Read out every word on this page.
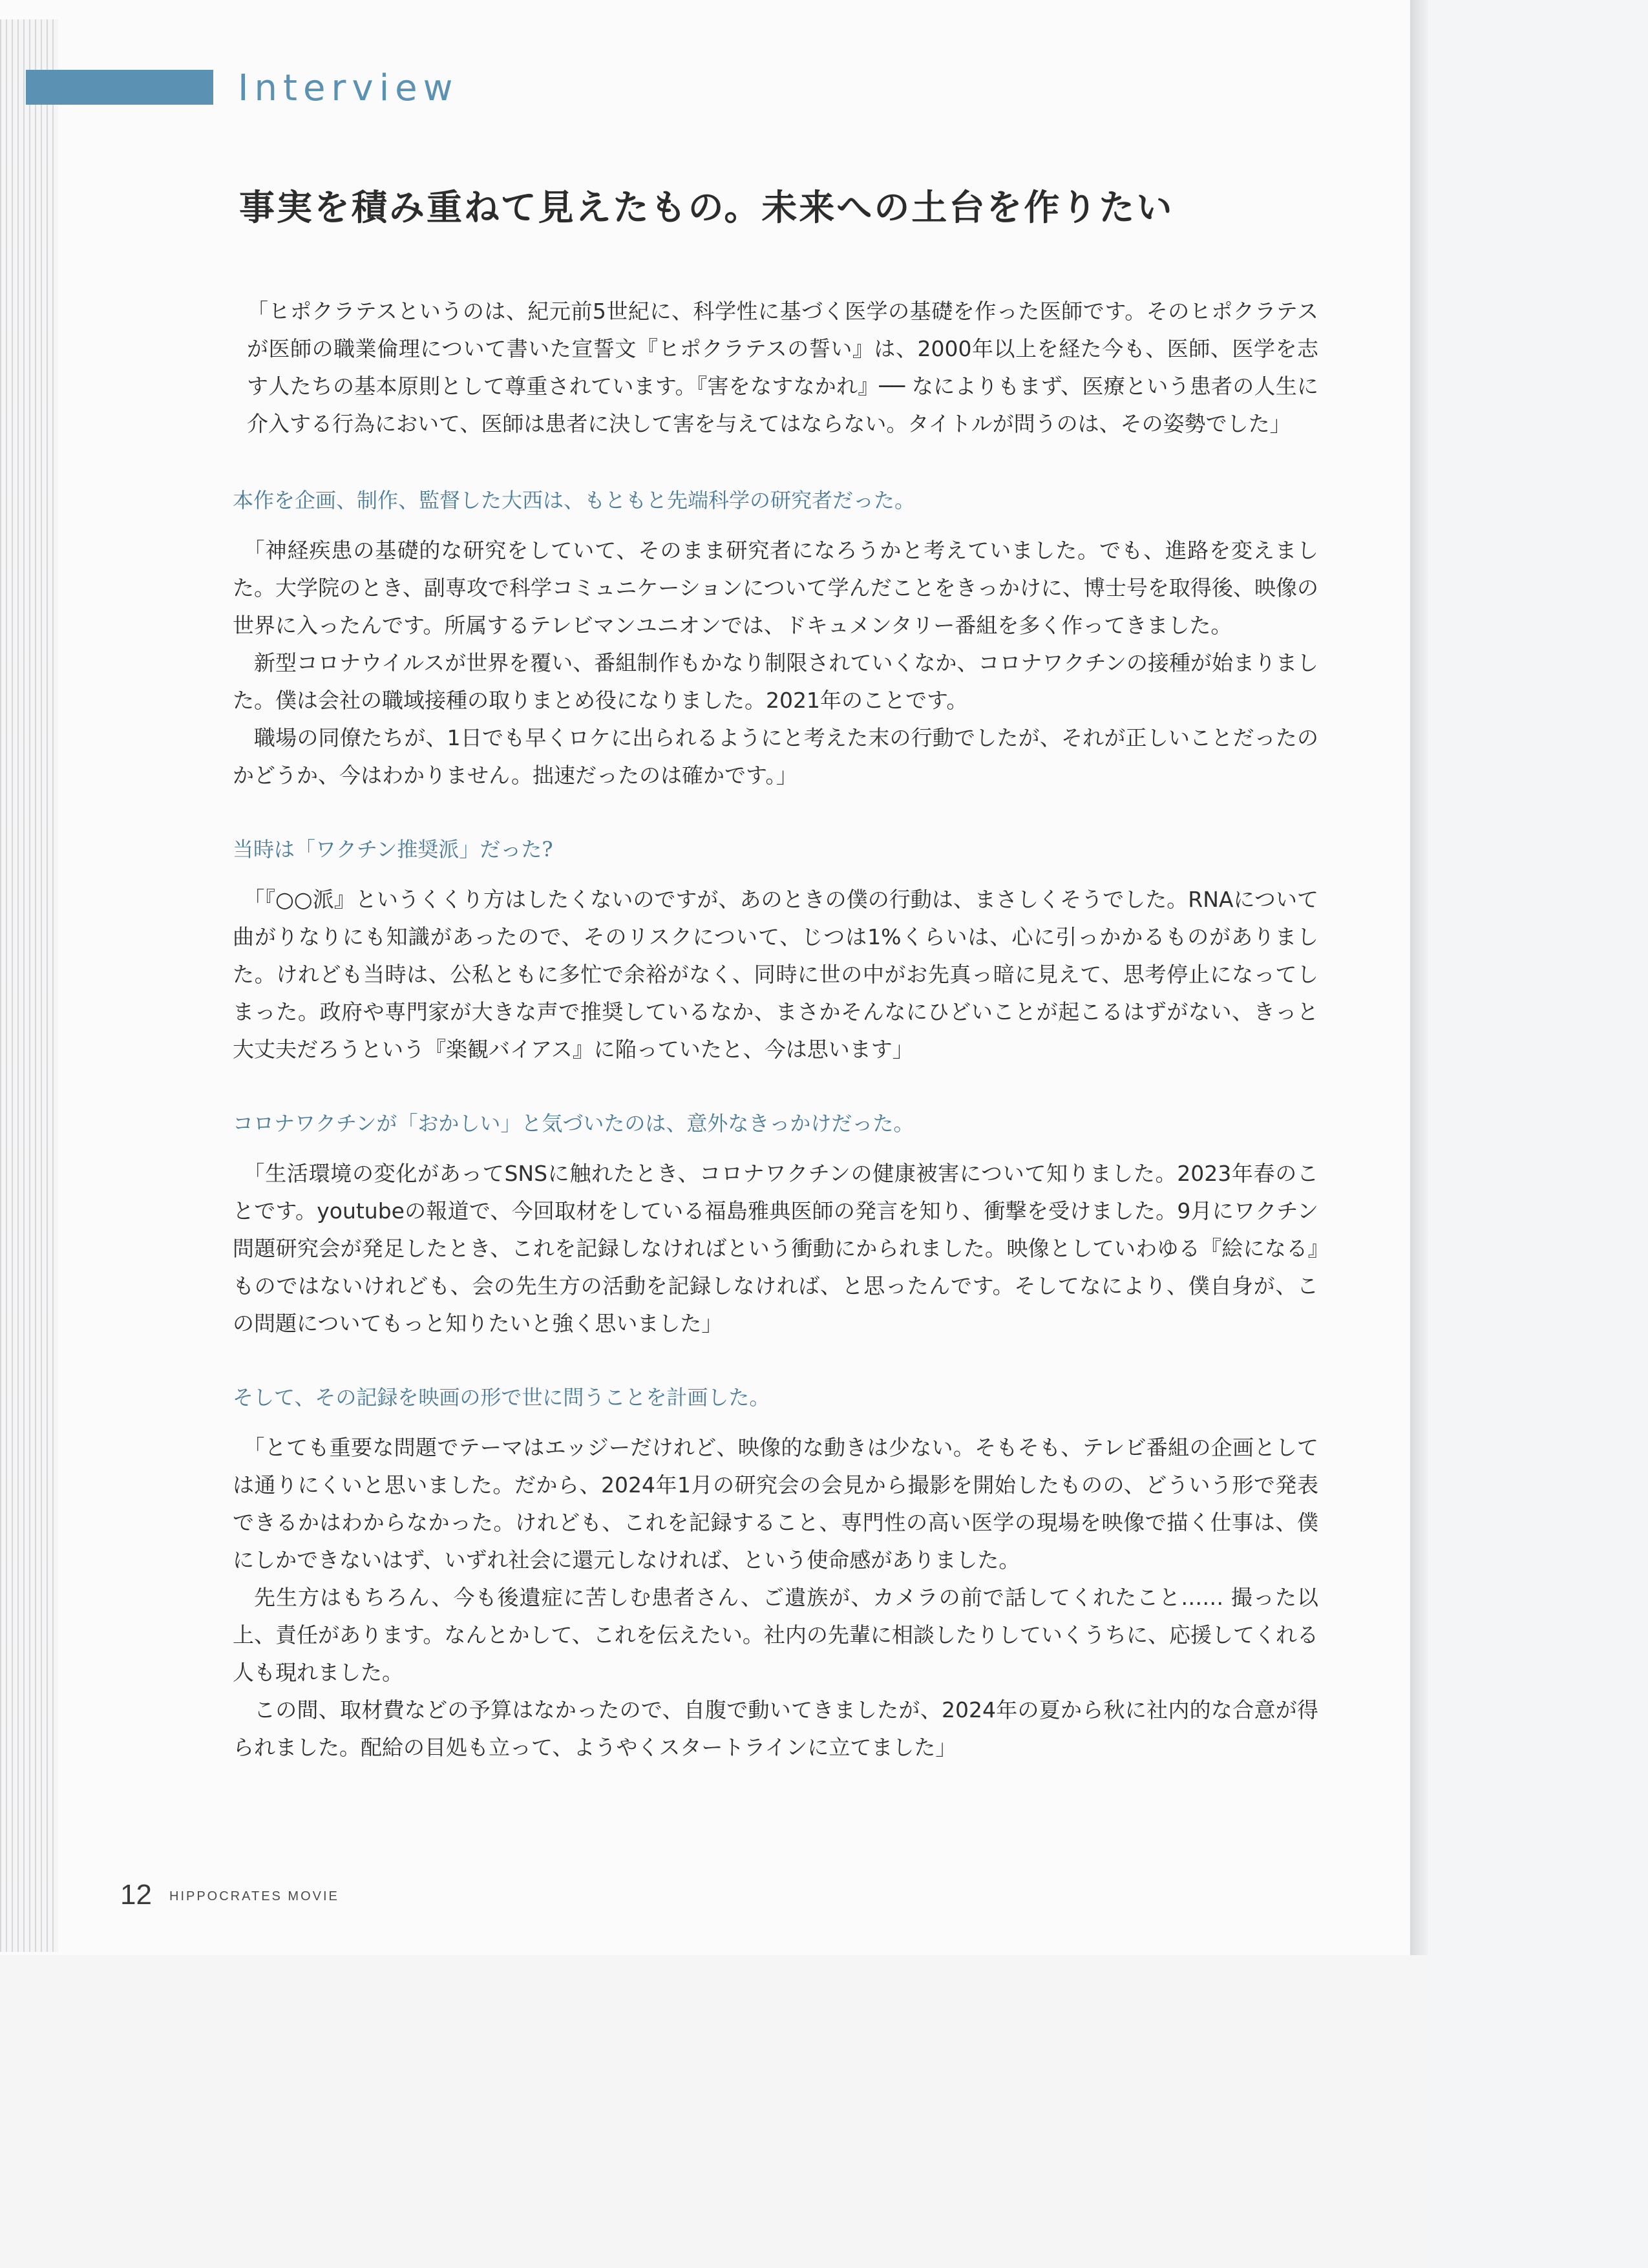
Interview
事実を積み重ねて見えたもの。未来への土台を作りたい

「ヒポクラテスというのは、紀元前5世紀に、科学性に基づく医学の基礎を作った医師です。そのヒポクラテスが医師の職業倫理について書いた宣誓文『ヒポクラテスの誓い』は、2000年以上を経た今も、医師、医学を志す人たちの基本原則として尊重されています。『害をなすなかれ』── なによりもまず、医療という患者の人生に介入する行為において、医師は患者に決して害を与えてはならない。タイトルが問うのは、その姿勢でした」

本作を企画、制作、監督した大西は、もともと先端科学の研究者だった。

「神経疾患の基礎的な研究をしていて、そのまま研究者になろうかと考えていました。でも、進路を変えました。大学院のとき、副専攻で科学コミュニケーションについて学んだことをきっかけに、博士号を取得後、映像の世界に入ったんです。所属するテレビマンユニオンでは、ドキュメンタリー番組を多く作ってきました。
新型コロナウイルスが世界を覆い、番組制作もかなり制限されていくなか、コロナワクチンの接種が始まりました。僕は会社の職域接種の取りまとめ役になりました。2021年のことです。
職場の同僚たちが、1日でも早くロケに出られるようにと考えた末の行動でしたが、それが正しいことだったのかどうか、今はわかりません。拙速だったのは確かです。」

当時は「ワクチン推奨派」だった?

「『○○派』というくくり方はしたくないのですが、あのときの僕の行動は、まさしくそうでした。RNAについて曲がりなりにも知識があったので、そのリスクについて、じつは1%くらいは、心に引っかかるものがありました。けれども当時は、公私ともに多忙で余裕がなく、同時に世の中がお先真っ暗に見えて、思考停止になってしまった。政府や専門家が大きな声で推奨しているなか、まさかそんなにひどいことが起こるはずがない、きっと大丈夫だろうという『楽観バイアス』に陥っていたと、今は思います」

コロナワクチンが「おかしい」と気づいたのは、意外なきっかけだった。

「生活環境の変化があってSNSに触れたとき、コロナワクチンの健康被害について知りました。2023年春のことです。youtubeの報道で、今回取材をしている福島雅典医師の発言を知り、衝撃を受けました。9月にワクチン問題研究会が発足したとき、これを記録しなければという衝動にかられました。映像としていわゆる『絵になる』ものではないけれども、会の先生方の活動を記録しなければ、と思ったんです。そしてなにより、僕自身が、この問題についてもっと知りたいと強く思いました」

そして、その記録を映画の形で世に問うことを計画した。

「とても重要な問題でテーマはエッジーだけれど、映像的な動きは少ない。そもそも、テレビ番組の企画としては通りにくいと思いました。だから、2024年1月の研究会の会見から撮影を開始したものの、どういう形で発表できるかはわからなかった。けれども、これを記録すること、専門性の高い医学の現場を映像で描く仕事は、僕にしかできないはず、いずれ社会に還元しなければ、という使命感がありました。
先生方はもちろん、今も後遺症に苦しむ患者さん、ご遺族が、カメラの前で話してくれたこと…… 撮った以上、責任があります。なんとかして、これを伝えたい。社内の先輩に相談したりしていくうちに、応援してくれる人も現れました。
この間、取材費などの予算はなかったので、自腹で動いてきましたが、2024年の夏から秋に社内的な合意が得られました。配給の目処も立って、ようやくスタートラインに立てました」

12 HIPPOCRATES MOVIE
